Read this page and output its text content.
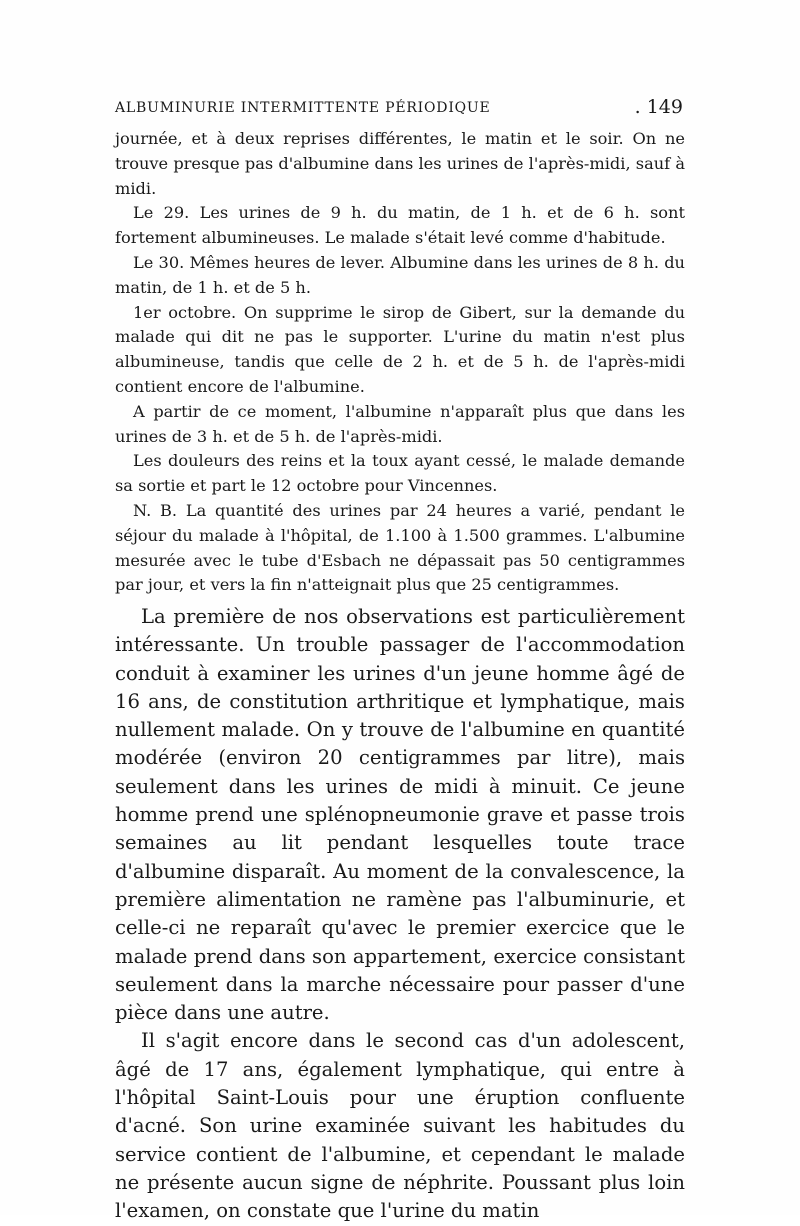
ALBUMINURIE INTERMITTENTE PÉRIODIQUE	. 149

journée, et à deux reprises différentes, le matin et le soir. On ne trouve presque pas d'albumine dans les urines de l'après-midi, sauf à midi.

Le 29. Les urines de 9 h. du matin, de 1 h. et de 6 h. sont fortement albumineuses. Le malade s'était levé comme d'habitude.

Le 30. Mêmes heures de lever. Albumine dans les urines de 8 h. du matin, de 1 h. et de 5 h.

1er octobre. On supprime le sirop de Gibert, sur la demande du malade qui dit ne pas le supporter. L'urine du matin n'est plus albumineuse, tandis que celle de 2 h. et de 5 h. de l'après-midi contient encore de l'albumine.

A partir de ce moment, l'albumine n'apparaît plus que dans les urines de 3 h. et de 5 h. de l'après-midi.

Les douleurs des reins et la toux ayant cessé, le malade demande sa sortie et part le 12 octobre pour Vincennes.

N. B. La quantité des urines par 24 heures a varié, pendant le séjour du malade à l'hôpital, de 1.100 à 1.500 grammes. L'albumine mesurée avec le tube d'Esbach ne dépassait pas 50 centigrammes par jour, et vers la fin n'atteignait plus que 25 centigrammes.

La première de nos observations est particulièrement intéressante. Un trouble passager de l'accommodation conduit à examiner les urines d'un jeune homme âgé de 16 ans, de constitution arthritique et lymphatique, mais nullement malade. On y trouve de l'albumine en quantité modérée (environ 20 centigrammes par litre), mais seulement dans les urines de midi à minuit. Ce jeune homme prend une splénopneumonie grave et passe trois semaines au lit pendant lesquelles toute trace d'albumine disparaît. Au moment de la convalescence, la première alimentation ne ramène pas l'albuminurie, et celle-ci ne reparaît qu'avec le premier exercice que le malade prend dans son appartement, exercice consistant seulement dans la marche nécessaire pour passer d'une pièce dans une autre.

Il s'agit encore dans le second cas d'un adolescent, âgé de 17 ans, également lymphatique, qui entre à l'hôpital Saint-Louis pour une éruption confluente d'acné. Son urine examinée suivant les habitudes du service contient de l'albumine, et cependant le malade ne présente aucun signe de néphrite. Poussant plus loin l'examen, on constate que l'urine du matin
